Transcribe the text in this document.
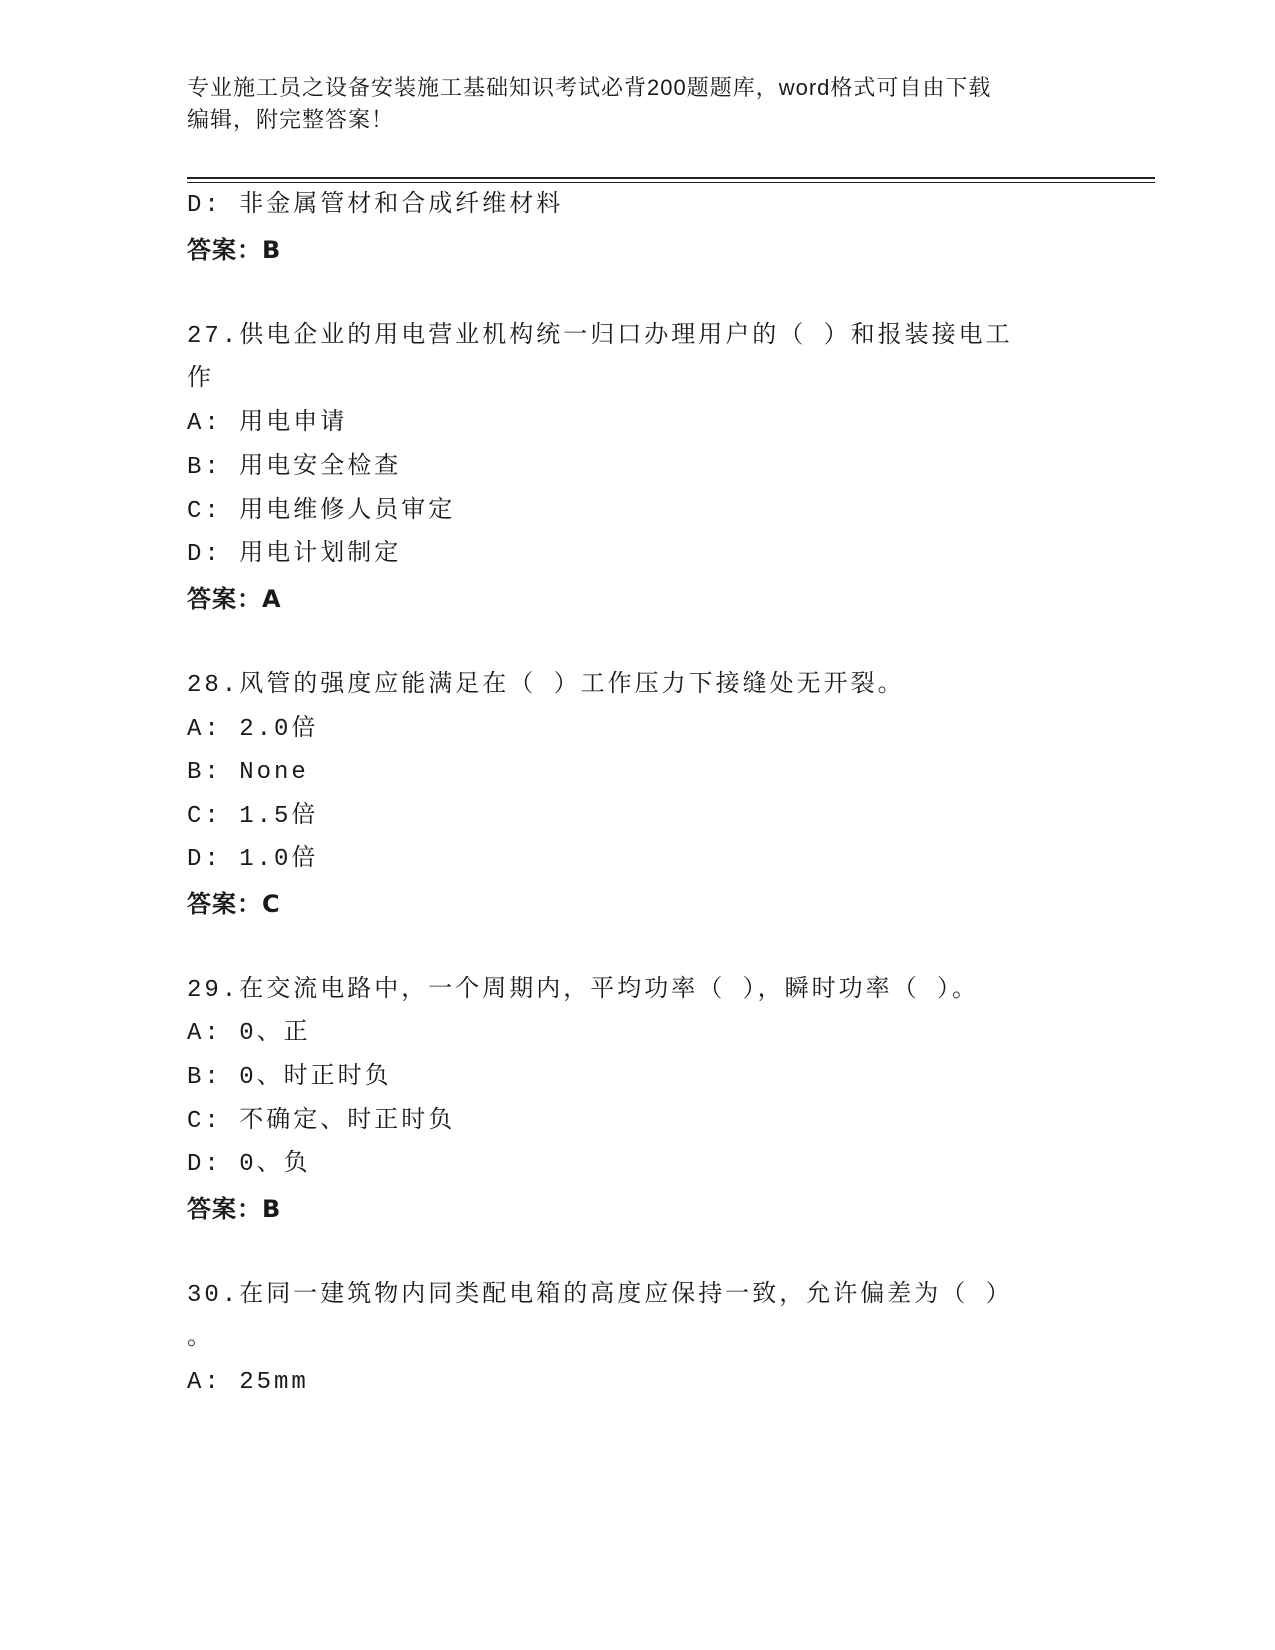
专业施工员之设备安装施工基础知识考试必背200题题库，word格式可自由下载
编辑，附完整答案！
D: 非金属管材和合成纤维材料
答案：B
27.供电企业的用电营业机构统一归口办理用户的（ ）和报装接电工
作
A: 用电申请
B: 用电安全检查
C: 用电维修人员审定
D: 用电计划制定
答案：A
28.风管的强度应能满足在（ ）工作压力下接缝处无开裂。
A: 2.0倍
B: None
C: 1.5倍
D: 1.0倍
答案：C
29.在交流电路中，一个周期内，平均功率（ ），瞬时功率（ ）。
A: 0、正
B: 0、时正时负
C: 不确定、时正时负
D: 0、负
答案：B
30.在同一建筑物内同类配电箱的高度应保持一致，允许偏差为（ ）
。
A: 25mm
